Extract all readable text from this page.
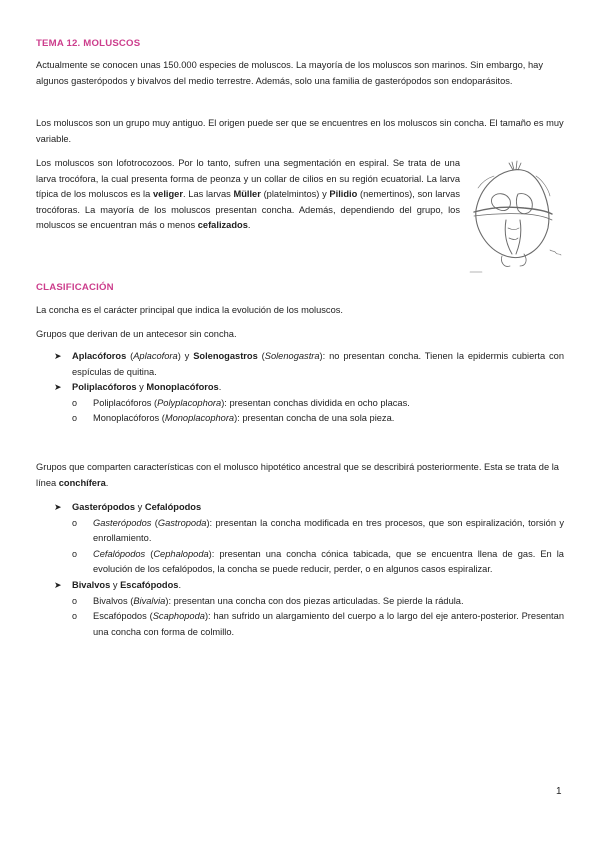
TEMA 12. MOLUSCOS

Actualmente se conocen unas 150.000 especies de moluscos. La mayoría de los moluscos son marinos. Sin embargo, hay algunos gasterópodos y bivalvos del medio terrestre. Además, solo una familia de gasterópodos son endoparásitos.

Los moluscos son un grupo muy antiguo. El origen puede ser que se encuentres en los moluscos sin concha. El tamaño es muy variable.

Los moluscos son lofotrocozoos. Por lo tanto, sufren una segmentación en espiral. Se trata de una larva trocófora, la cual presenta forma de peonza y un collar de cilios en su región ecuatorial. La larva típica de los moluscos es la veliger. Las larvas Müller (platelmintos) y Pilidio (nemertinos), son larvas trocóforas. La mayoría de los moluscos presentan concha. Además, dependiendo del grupo, los moluscos se encuentran más o menos cefalizados.

CLASIFICACIÓN

La concha es el carácter principal que indica la evolución de los moluscos.

Grupos que derivan de un antecesor sin concha.

➤ Aplacóforos (Aplacofora) y Solenogastros (Solenogastra): no presentan concha. Tienen la epidermis cubierta con espículas de quitina.
➤ Poliplacóforos y Monoplacóforos.
o Poliplacóforos (Polyplacophora): presentan conchas dividida en ocho placas.
o Monoplacóforos (Monoplacophora): presentan concha de una sola pieza.

Grupos que comparten características con el molusco hipotético ancestral que se describirá posteriormente. Esta se trata de la línea conchífera.

➤ Gasterópodos y Cefalópodos
o Gasterópodos (Gastropoda): presentan la concha modificada en tres procesos, que son espiralización, torsión y enrollamiento.
o Cefalópodos (Cephalopoda): presentan una concha cónica tabicada, que se encuentra llena de gas. En la evolución de los cefalópodos, la concha se puede reducir, perder, o en algunos casos espiralizar.
➤ Bivalvos y Escafópodos.
o Bivalvos (Bivalvia): presentan una concha con dos piezas articuladas. Se pierde la rádula.
o Escafópodos (Scaphopoda): han sufrido un alargamiento del cuerpo a lo largo del eje antero-posterior. Presentan una concha con forma de colmillo.
1
